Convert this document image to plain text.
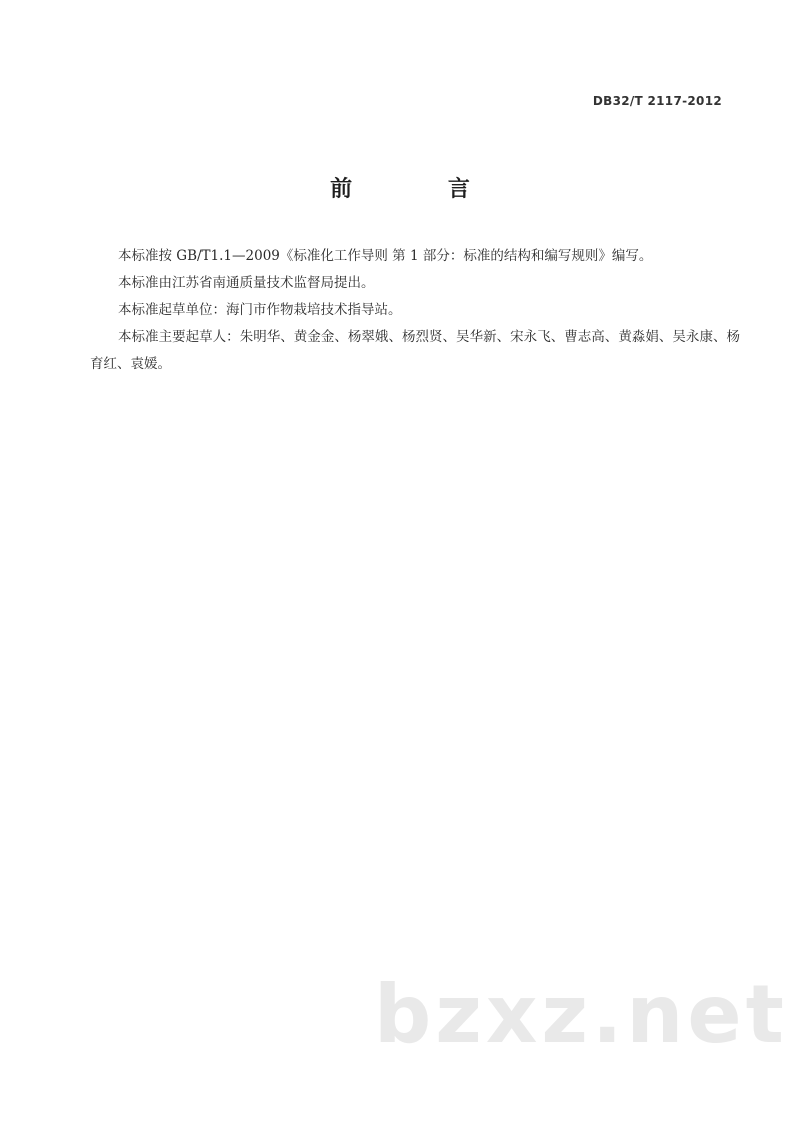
DB32/T 2117-2012
前 言

本标准按 GB/T1.1—2009《标准化工作导则 第 1 部分：标准的结构和编写规则》编写。

本标准由江苏省南通质量技术监督局提出。

本标准起草单位：海门市作物栽培技术指导站。

本标准主要起草人：朱明华、黄金金、杨翠娥、杨烈贤、吴华新、宋永飞、曹志高、黄淼娟、吴永康、杨育红、袁媛。

bzxz.net
